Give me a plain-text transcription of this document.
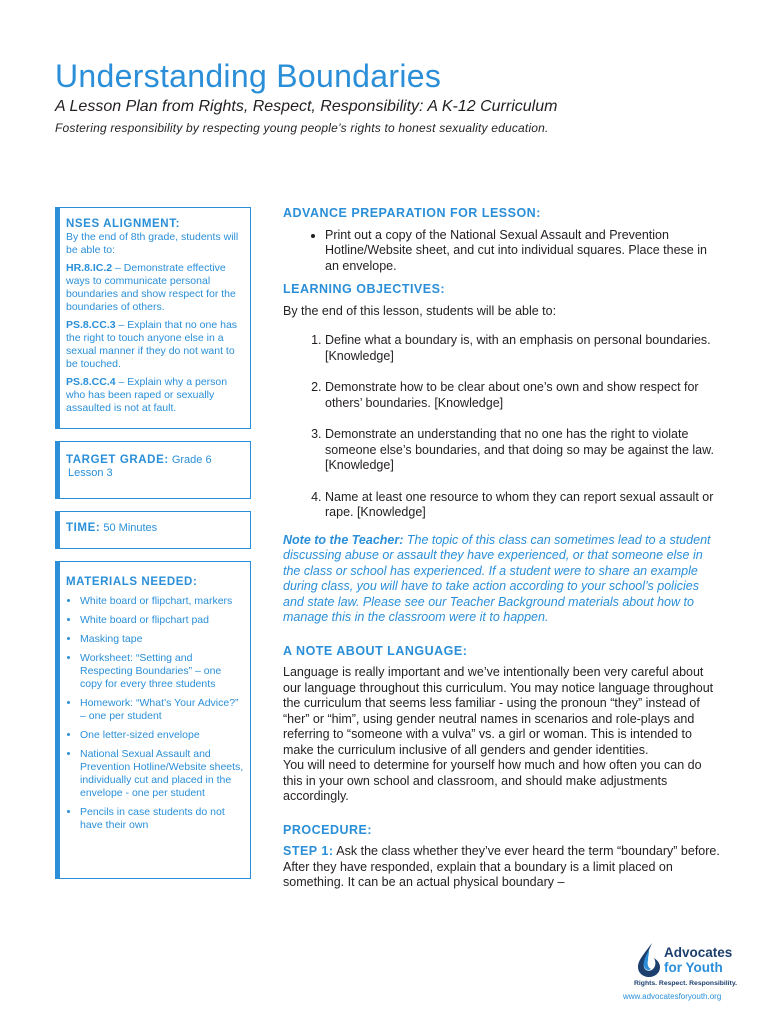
Understanding Boundaries

A Lesson Plan from Rights, Respect, Responsibility: A K-12 Curriculum

Fostering responsibility by respecting young people’s rights to honest sexuality education.

NSES ALIGNMENT:

By the end of 8th grade, students will be able to:

HR.8.IC.2 – Demonstrate effective ways to communicate personal boundaries and show respect for the boundaries of others.

PS.8.CC.3 – Explain that no one has the right to touch anyone else in a sexual manner if they do not want to be touched.

PS.8.CC.4 – Explain why a person who has been raped or sexually assaulted is not at fault.

TARGET GRADE: Grade 6
Lesson 3
TIME: 50 Minutes
MATERIALS NEEDED:
• White board or flipchart, markers
• White board or flipchart pad
• Masking tape
• Worksheet: “Setting and Respecting Boundaries” – one copy for every three students
• Homework: “What’s Your Advice?” – one per student
• One letter-sized envelope
• National Sexual Assault and Prevention Hotline/Website sheets, individually cut and placed in the envelope - one per student
• Pencils in case students do not have their own
ADVANCE PREPARATION FOR LESSON:
• Print out a copy of the National Sexual Assault and Prevention Hotline/Website sheet, and cut into individual squares. Place these in an envelope.
LEARNING OBJECTIVES:

By the end of this lesson, students will be able to:

1. Define what a boundary is, with an emphasis on personal boundaries. [Knowledge]
2. Demonstrate how to be clear about one’s own and show respect for others’ boundaries. [Knowledge]
3. Demonstrate an understanding that no one has the right to violate someone else’s boundaries, and that doing so may be against the law. [Knowledge]
4. Name at least one resource to whom they can report sexual assault or rape. [Knowledge]

Note to the Teacher: The topic of this class can sometimes lead to a student discussing abuse or assault they have experienced, or that someone else in the class or school has experienced. If a student were to share an example during class, you will have to take action according to your school’s policies and state law. Please see our Teacher Background materials about how to manage this in the classroom were it to happen.

A NOTE ABOUT LANGUAGE:

Language is really important and we’ve intentionally been very careful about our language throughout this curriculum. You may notice language throughout the curriculum that seems less familiar - using the pronoun “they” instead of “her” or “him”, using gender neutral names in scenarios and role-plays and referring to “someone with a vulva” vs. a girl or woman. This is intended to make the curriculum inclusive of all genders and gender identities.

You will need to determine for yourself how much and how often you can do this in your own school and classroom, and should make adjustments accordingly.

PROCEDURE:

STEP 1: Ask the class whether they’ve ever heard the term “boundary” before. After they have responded, explain that a boundary is a limit placed on something. It can be an actual physical boundary –

Advocates
for Youth
Rights. Respect. Responsibility.
www.advocatesforyouth.org
